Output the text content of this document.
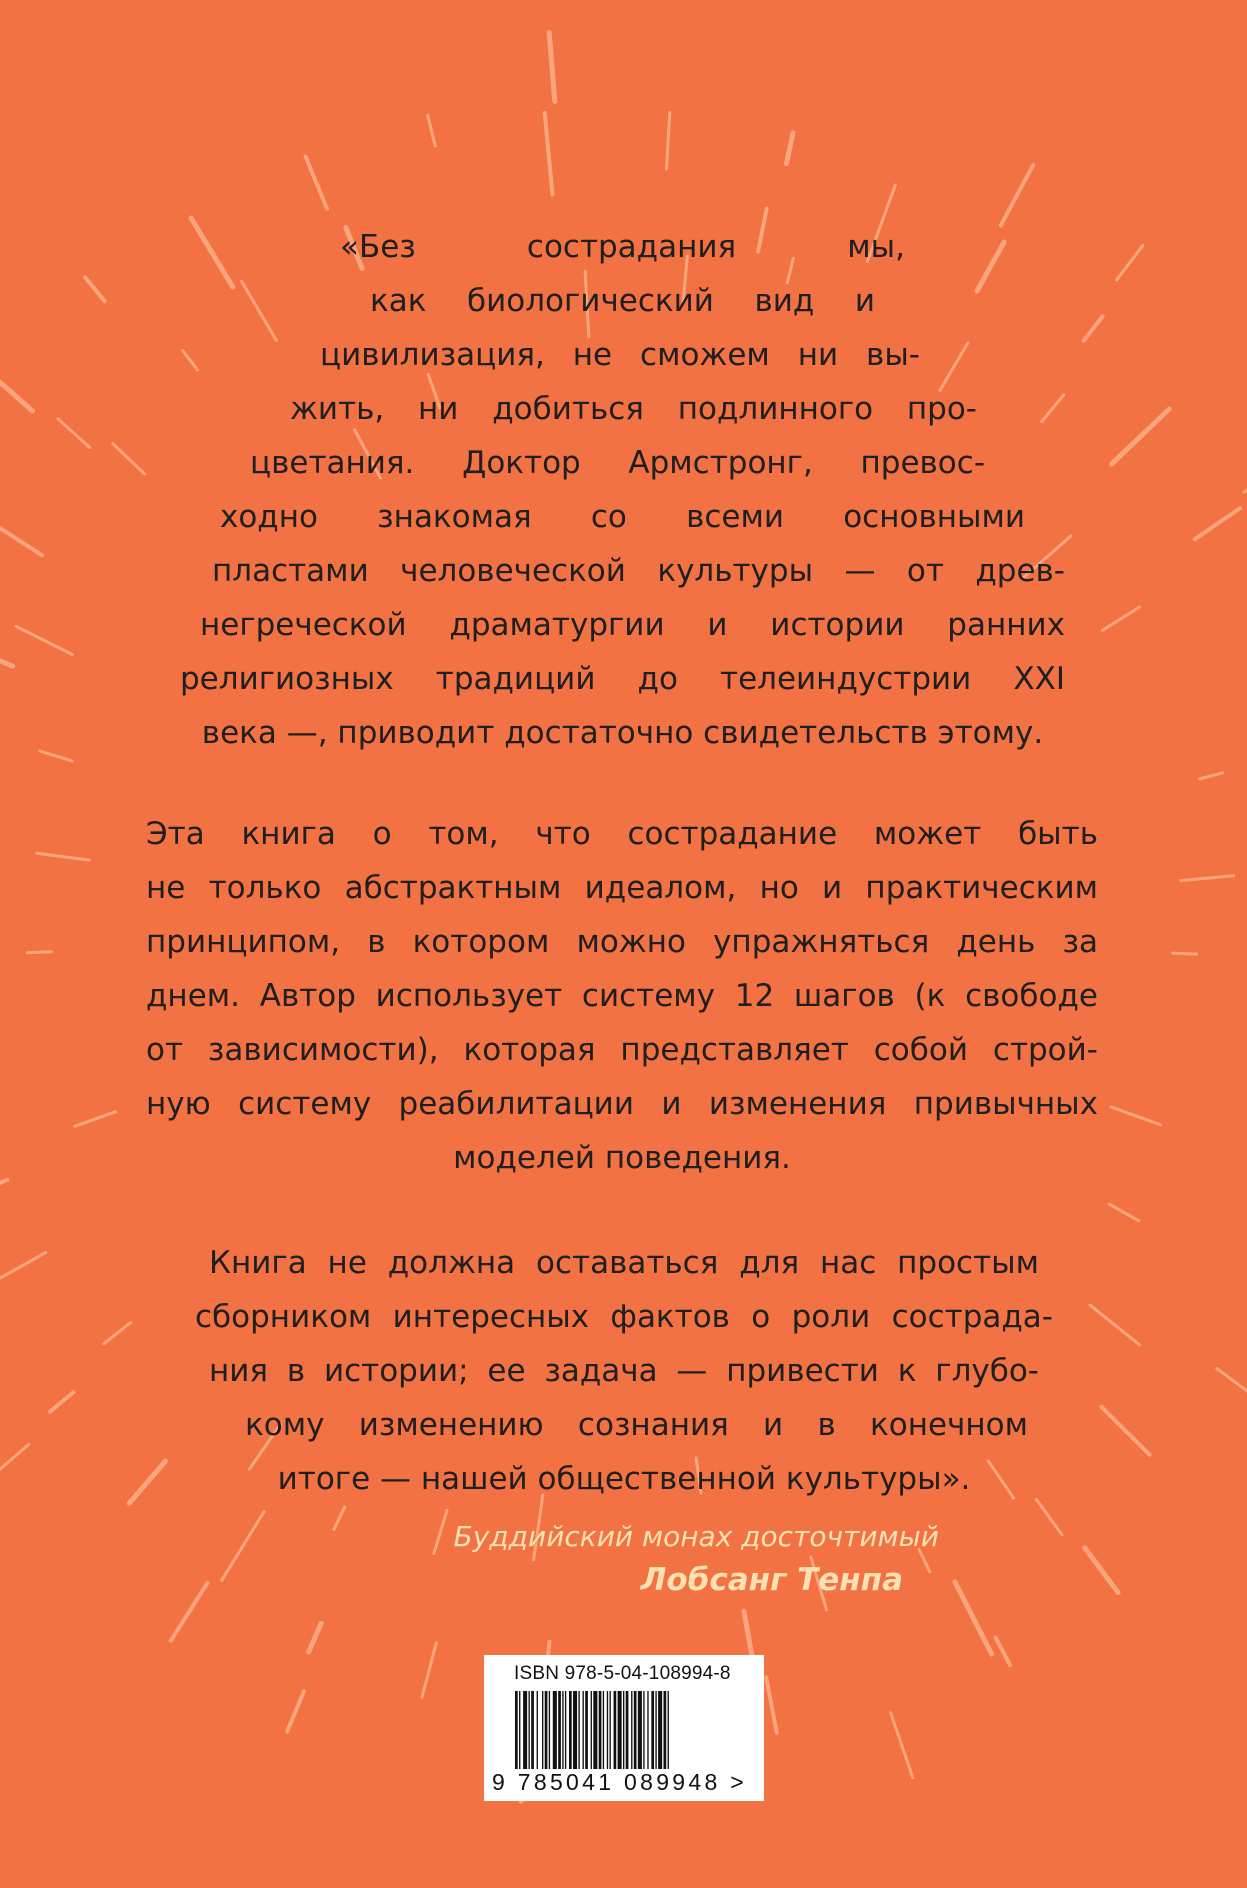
«Без сострадания мы,
как биологический вид и
цивилизация, не сможем ни вы-
жить, ни добиться подлинного про-
цветания. Доктор Армстронг, превос-
ходно знакомая со всеми основными
пластами человеческой культуры — от древ-
негреческой драматургии и истории ранних
религиозных традиций до телеиндустрии XXI
века —, приводит достаточно свидетельств этому.
Эта книга о том, что сострадание может быть
не только абстрактным идеалом, но и практическим
принципом, в котором можно упражняться день за
днем. Автор использует систему 12 шагов (к свободе
от зависимости), которая представляет собой строй-
ную систему реабилитации и изменения привычных
моделей поведения.
Книга не должна оставаться для нас простым
сборником интересных фактов о роли сострада-
ния в истории; ее задача — привести к глубо-
кому изменению сознания и в конечном
итоге — нашей общественной культуры».

Буддийский монах досточтимый

Лобсанг Тенпа

ISBN 978-5-04-108994-8

9 785041 089948 >
